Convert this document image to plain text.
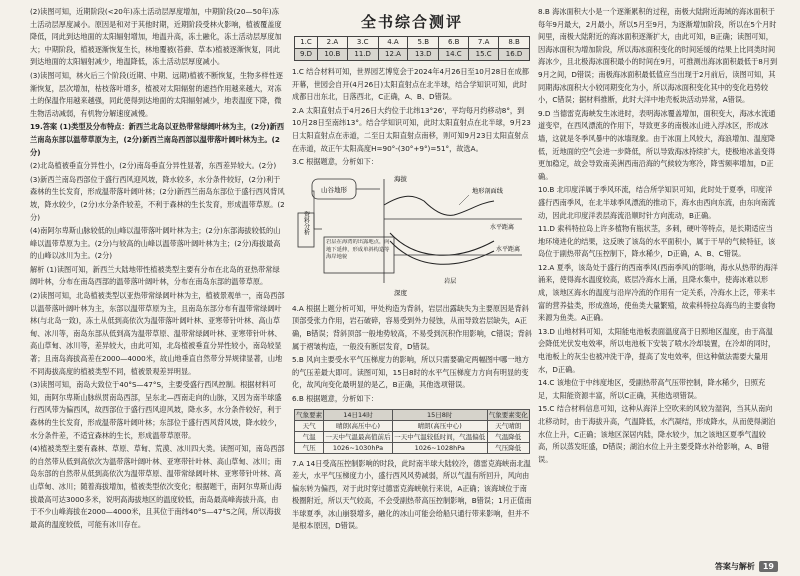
(2)读图可知，近期阶段(<20年)冻土活动层厚度增加，中期阶段(20—50年)冻土活动层厚度减小。原因是和对于其他时期，近期阶段受林火影响，植被覆盖度降低，同此到达地面的太阳辐射增加，地温升高，冻土融化，冻土活动层厚度加大；中期阶段，植被逐渐恢复生长，林地覆被(苔藓、草本)植被逐渐恢复，同此到达地面的太阳辐射减少，地温降低，冻土活动层厚度减小。

(3)读图可知，林火后三个阶段(近期、中期、远期)植被不断恢复，生物多样性逐渐恢复，层次增加，枯枝落叶增多，植被对太阳辐射的遮挡作用越来越大，对冻土的保温作用越来越强，同此使得到达地面的太阳辐射减少，地表温度下降，微生物活动减弱，有机物分解速度减慢。

19.答案 (1)类型及分布特点：新西兰北岛以亚热带常绿阔叶林为主，(2分)新西兰南岛东部以温带草原为主，(2分)新西兰南岛西部以温带落叶阔叶林为主。(2分)

(2)北岛植被垂直分异性小，(2分)南岛垂直分异性显著，东西差异较大。(2分)

(3)新西兰南岛西部位于盛行西风迎风坡，降水较多，水分条件较好，(2分)利于森林的生长发育，形成温带落叶阔叶林；(2分)新西兰南岛东部位于盛行西风背风坡，降水较少，(2分)水分条件较差，不利于森林的生长发育，形成温带草原。(2分)

(4)南阿尔卑斯山脉较低的山峰以温带落叶阔叶林为主；(2分)东部海拔较低的山峰以温带草原为主。(2分)与较高的山峰以温带落叶阔叶林为主；(2分)海拔最高的山峰以冰川为主。(2分)

解析 (1)读图可知，新西兰大陆地带性植被类型主要有分布在北岛的亚热带常绿阔叶林，分布在南岛西部的温带落叶阔叶林，分布在南岛东部的温带草原。

(2)读图可知，北岛植被类型以亚热带常绿阔叶林为主，植被景观单一，南岛西部以温带落叶阔叶林为主，东部以温带草原为主，且南岛东部分布有温带常绿阔叶林(与北岛一致)，冻土从低到高依次为温带落叶阔叶林、亚寒带针叶林、高山草甸、冰川等，南岛东部从低到高为温带草原、温带常绿阔叶林、亚寒带针叶林、高山草甸、冰川等，差异较大，由此可知，北岛植被垂直分异性较小，南岛较显著；且南岛海拔高差在2000—4000米，故山地垂直自然带分异规律显著，山地不同海拔高度的植被类型不同，植被景观差异明显。

(3)读图可知，南岛大致位于40°S—47°S，主要受盛行西风控制。根据材料可知，南阿尔卑斯山脉纵贯南岛西部，呈东北—西南走向的山脉，又因为南半球盛行西风带为偏西风，故西部位于盛行西风迎风坡，降水多，水分条件较好，利于森林的生长发育，形成温带落叶阔叶林；东部位于盛行西风背风坡，降水较少，水分条件差，不适宜森林的生长，形成温带草原带。

(4)植被类型主要有森林、草原、草甸、荒漠、冰川四大类。读图可知，南岛西部的自然带从低到高依次为温带落叶阔叶林、亚寒带针叶林、高山草甸、冰川；南岛东部的自然带从低到高依次为温带草原、温带常绿阔叶林、亚寒带针叶林、高山草甸、冰川；随着海拔增加，植被类型依次变化；根据题干，南阿尔卑斯山海拔最高可达3000多米，说明高海拔地区的温度较低，南岛最高峰海拔升高，由于不少山峰海拔在2000—4000米，且其位于南纬40°S—47°S之间，所以海拔最高的温度较低，可能有冰川存在。

全书综合测评
1.C	2.A	3.C	4.A	5.B	6.B	7.A	8.B
9.D	10.B	11.D	12.A	13.D	14.C	15.C	16.D

1.C 结合材料可知，世界园艺博览会于2024年4月26日至10月28日在成都开幕，世园会自开(4月26日)太阳直射点在北半球，结合学知识可知，此时成都日出东北，日落西北，C正确，A、B、D错误。

2.A 太阳直射点于4月26日大约位于北纬13°26'，平均每月约移动8°，到10月28日至南纬13°。结合学知识可知，此时太阳直射点在北半球，9月23日太阳直射点在赤道，二至日太阳直射点南移，则可知9月23日太阳直射点在赤道，故正午太阳高度H=90°-(30°+9°)=51°，故选A。

3.C 根据题意，分析如下：

山谷地形
资料分析
岩层在海湾的出露地点，向地下延伸，形成单斜构造等海岸地貌
海拔
深度
地形剖面线
水平距离
水平距离
岩层

4.A 根据上题分析可知，甲处构造为背斜，岩层出露缺失为主要原因是背斜顶部受张力作用，岩石破碎，容易受到外力侵蚀，从而导致岩层缺失，A正确，B错误；背斜顶部一般地势较高，不易受到沉积作用影响，C错误；背斜属于褶皱构造，一般没有断层发育，D错误。

5.B 风向主要受水平气压梯度力的影响，所以只需要确定两幅图中哪一地方的气压差最大即可。读图可知，15日8时的水平气压梯度力方向有明显的变化，故风向变化最明显的是乙，B正确，其他选项错误。

6.B 根据题意，分析如下：

气象要素	14日14时	15日8时	气象要素变化
天气	晴朗(高压中心)	晴朗(高压中心)	天气晴朗
气温	一天中气温最高值前后	一天中气温较低时间，气温偏低	气温降低
气压	1026~1030hPa	1026~1028hPa	气压降低

7.A 14日受高压控制影响的时段，此时南半球大陆较冷，德雷克海峡南北温差大，水平气压梯度力小，盛行西风风势减弱，所以气温有所回升，风向由偏东转为偏西，对于此时穿过德雷克海峡航行来说，A正确；该海域位于南极圈附近，所以天气较高，不会受副热带高压控制影响，B错误；1月正值南半球夏季，冰山崩裂增多，融化的冰山可能会给船只通行带来影响，但并不是根本原因，D错误。

8.B 海冰面积大小是一个逐渐累积的过程，南极大陆附近海域的海冰面积于每年9月最大，2月最小，所以5月至9月，为逐渐增加阶段，所以在5个月时间里，南极大陆附近的海冰面积逐渐扩大，由此可知，B正确；读图可知，因海冰面积为增加阶段，所以海冰面积变化的时间延缓的结果上比同类时间海冰少，且北极海冰面积最小的时间在9月，可推测出海冰面积最低于8月到9月之间，D错误；南极海冰面积最低值应当出现于2月前后，读图可知，其同期海冰面积大小较同期变化为小，所以海冰面积变化其中的变化趋势较小，C错误；据材料推断，此时大洋中地壳板块活动异常，A错误。

9.D 当德雷克海峡发生冰进时，表明海冰覆盖增加，面积变大，海冰水流通道变窄，在西风漂流的作用下，导致更多的南极冰山进入浮冰区，形成冰墙，这就是冬季风暴中的冰墙现象。由于冰面上风较大，海浪增加、温度降低，近地面的空气会进一步降低，所以导致海冰持续扩大，使极地冰盖变得更加稳定，故会导致南美洲西南沿海的气候较为寒冷，降雪频率增加，D正确。

10.B 北印度洋属于季风环流，结合所学知识可知，此时处于夏季，印度洋盛行西南季风，在北半球季风漂流的推动下，海水由西向东流，由东向南流动，因此北印度洋表层海流沿顺时针方向流动，B正确。

11.D 索科特拉岛上许多植物有瓶状茎，多刺，硬叶等特点，是长期适应当地环境进化的结果，这反映了该岛的水平面积小，属于干旱的气候特征，该岛位于副热带高气压控制下，降水稀少，D正确，A、B、C错误。

12.A 夏季，该岛处于盛行的西南季风(西南季风)的影响，海水从热带的海洋涌来，使得海水温度较高，底层冷海水上涌，且降水集中，使海冰难以形成，该地区海水的温度与沿岸冷流的作用有一定关系，冷海水上泛，带来丰富的营养盐类，形成渔场，使鱼类大量繁殖，故索科特拉岛海鸟的主要食物来源为鱼类。A正确。

13.D 山地材料可知，太阳能电池板表面温度高于日照地区温度，由于高温会降低光伏发电效率，所以电池板下安装了喷水冷却装置，在冷却的同时，电池板上的灰尘也被冲洗干净，提高了发电效率，但这种做法需要大量用水，D正确。

14.C 该地位于中纬度地区，受副热带高气压带控制，降水稀少，日照充足，太阳能资源丰富，所以C正确，其他选项错误。

15.C 结合材料信息可知，这种从海洋上空吹来的风较为湿润，当其从南向北移动时，由于海拔升高，气温降低，水汽凝结，形成降水，从而使得湖泊水位上升，C正确；该地区深居内陆，降水较少，加之该地区夏季气温较高，所以蒸发旺盛，D错误；湖泊水位上升主要受降水补给影响，A、B错误。

答案与解析	19
